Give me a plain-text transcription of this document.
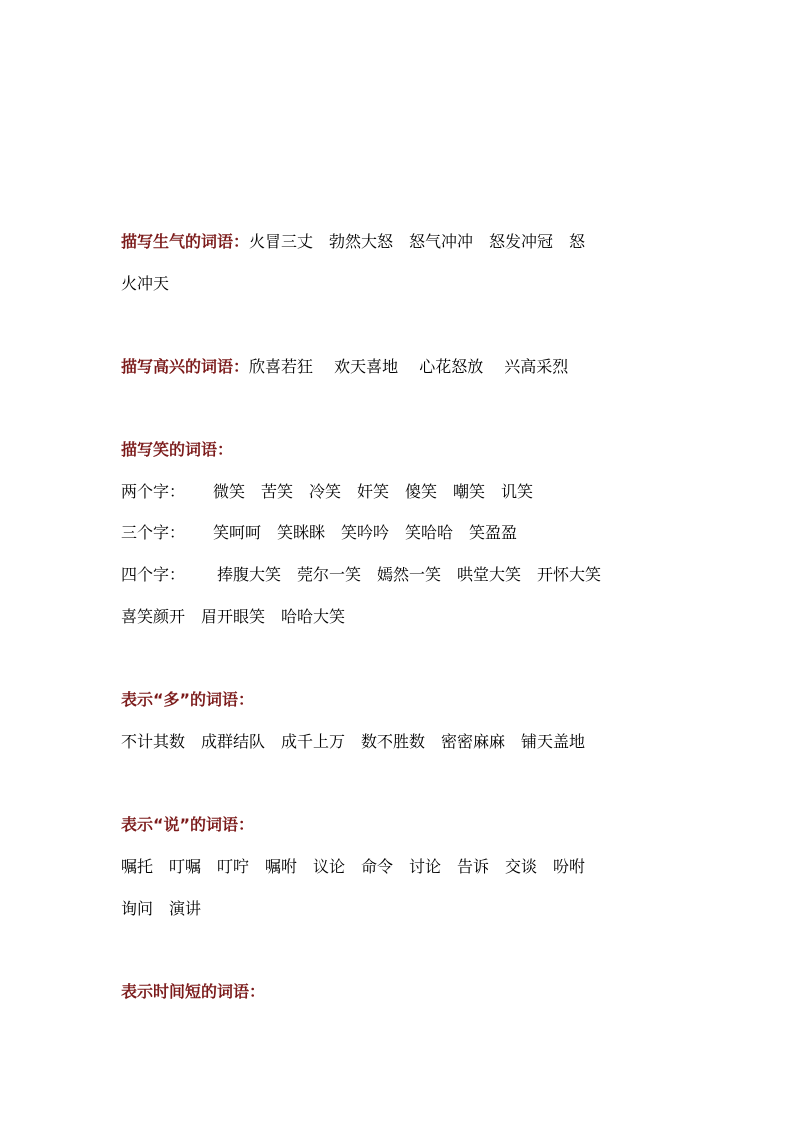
描写生气的词语：火冒三丈　勃然大怒　怒气冲冲　怒发冲冠　怒
火冲天
描写高兴的词语：欣喜若狂　 欢天喜地　 心花怒放　 兴高采烈
描写笑的词语：
两个字： 微笑　苦笑　冷笑　奸笑　傻笑　嘲笑　讥笑
三个字： 笑呵呵　笑眯眯　笑吟吟　笑哈哈　笑盈盈
四个字： 捧腹大笑　莞尔一笑　嫣然一笑　哄堂大笑　开怀大笑
喜笑颜开　眉开眼笑　哈哈大笑
表示“多”的词语：
不计其数　成群结队　成千上万　数不胜数　密密麻麻　铺天盖地
表示“说”的词语：
嘱托　叮嘱　叮咛　嘱咐　议论　命令　讨论　告诉　交谈　吩咐
询问　演讲
表示时间短的词语：
